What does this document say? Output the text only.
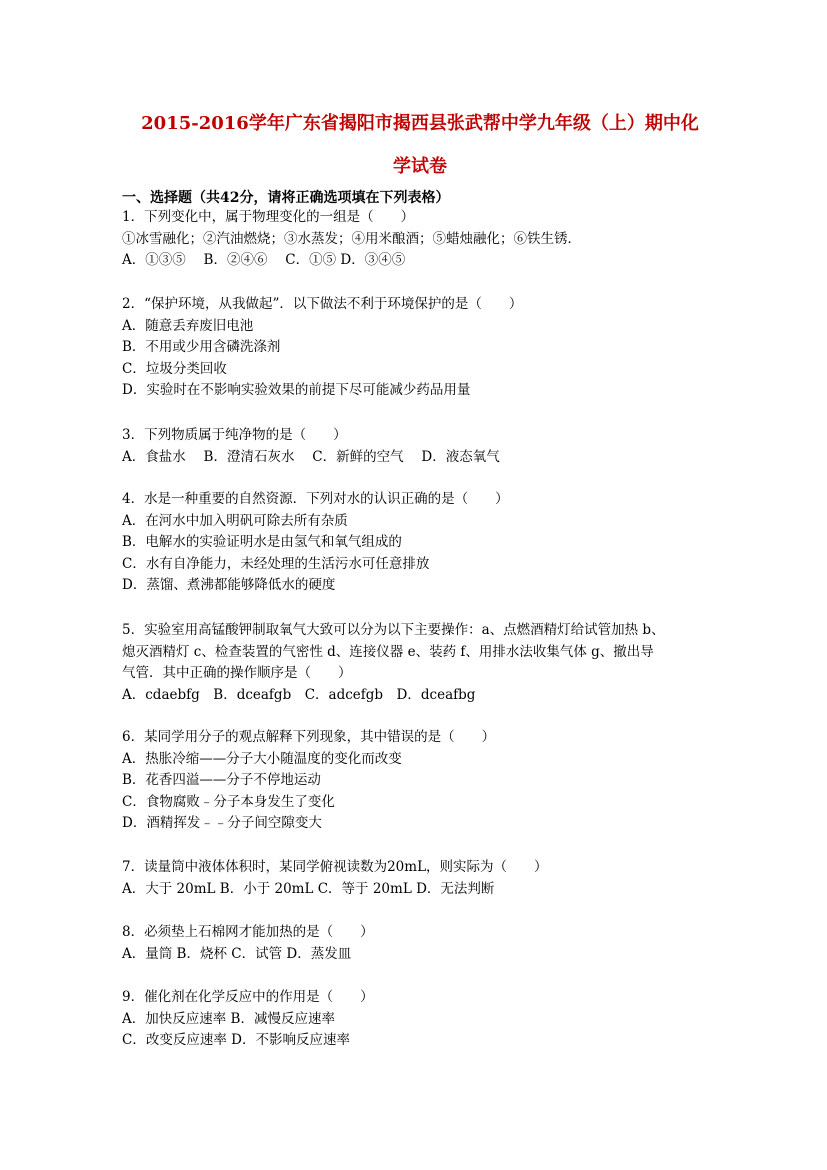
2015-2016学年广东省揭阳市揭西县张武帮中学九年级（上）期中化
学试卷
一、选择题（共42分，请将正确选项填在下列表格）
1．下列变化中，属于物理变化的一组是（　　）
①冰雪融化；②汽油燃烧；③水蒸发；④用米酿酒；⑤蜡烛融化；⑥铁生锈．
A．①③⑤　 B．②④⑥　 C．①⑤ D．③④⑤
2．“保护环境，从我做起”．以下做法不利于环境保护的是（　　）
A．随意丢弃废旧电池
B．不用或少用含磷洗涤剂
C．垃圾分类回收
D．实验时在不影响实验效果的前提下尽可能减少药品用量
3．下列物质属于纯净物的是（　　）
A．食盐水　 B．澄清石灰水　 C．新鲜的空气　 D．液态氧气
4．水是一种重要的自然资源．下列对水的认识正确的是（　　）
A．在河水中加入明矾可除去所有杂质
B．电解水的实验证明水是由氢气和氧气组成的
C．水有自净能力，未经处理的生活污水可任意排放
D．蒸馏、煮沸都能够降低水的硬度
5．实验室用高锰酸钾制取氧气大致可以分为以下主要操作：a、点燃酒精灯给试管加热 b、
熄灭酒精灯 c、检查装置的气密性 d、连接仪器 e、装药 f、用排水法收集气体 g、撤出导
气管．其中正确的操作顺序是（　　）
A．cdaebfg　B．dceafgb　C．adcefgb　D．dceafbg
6．某同学用分子的观点解释下列现象，其中错误的是（　　）
A．热胀冷缩——分子大小随温度的变化而改变
B．花香四溢——分子不停地运动
C．食物腐败﹣分子本身发生了变化
D．酒精挥发﹣﹣分子间空隙变大
7．读量筒中液体体积时，某同学俯视读数为20mL，则实际为（　　）
A．大于 20mL B．小于 20mL C．等于 20mL D．无法判断
8．必须垫上石棉网才能加热的是（　　）
A．量筒 B．烧杯 C．试管 D．蒸发皿
9．催化剂在化学反应中的作用是（　　）
A．加快反应速率 B．减慢反应速率
C．改变反应速率 D．不影响反应速率
